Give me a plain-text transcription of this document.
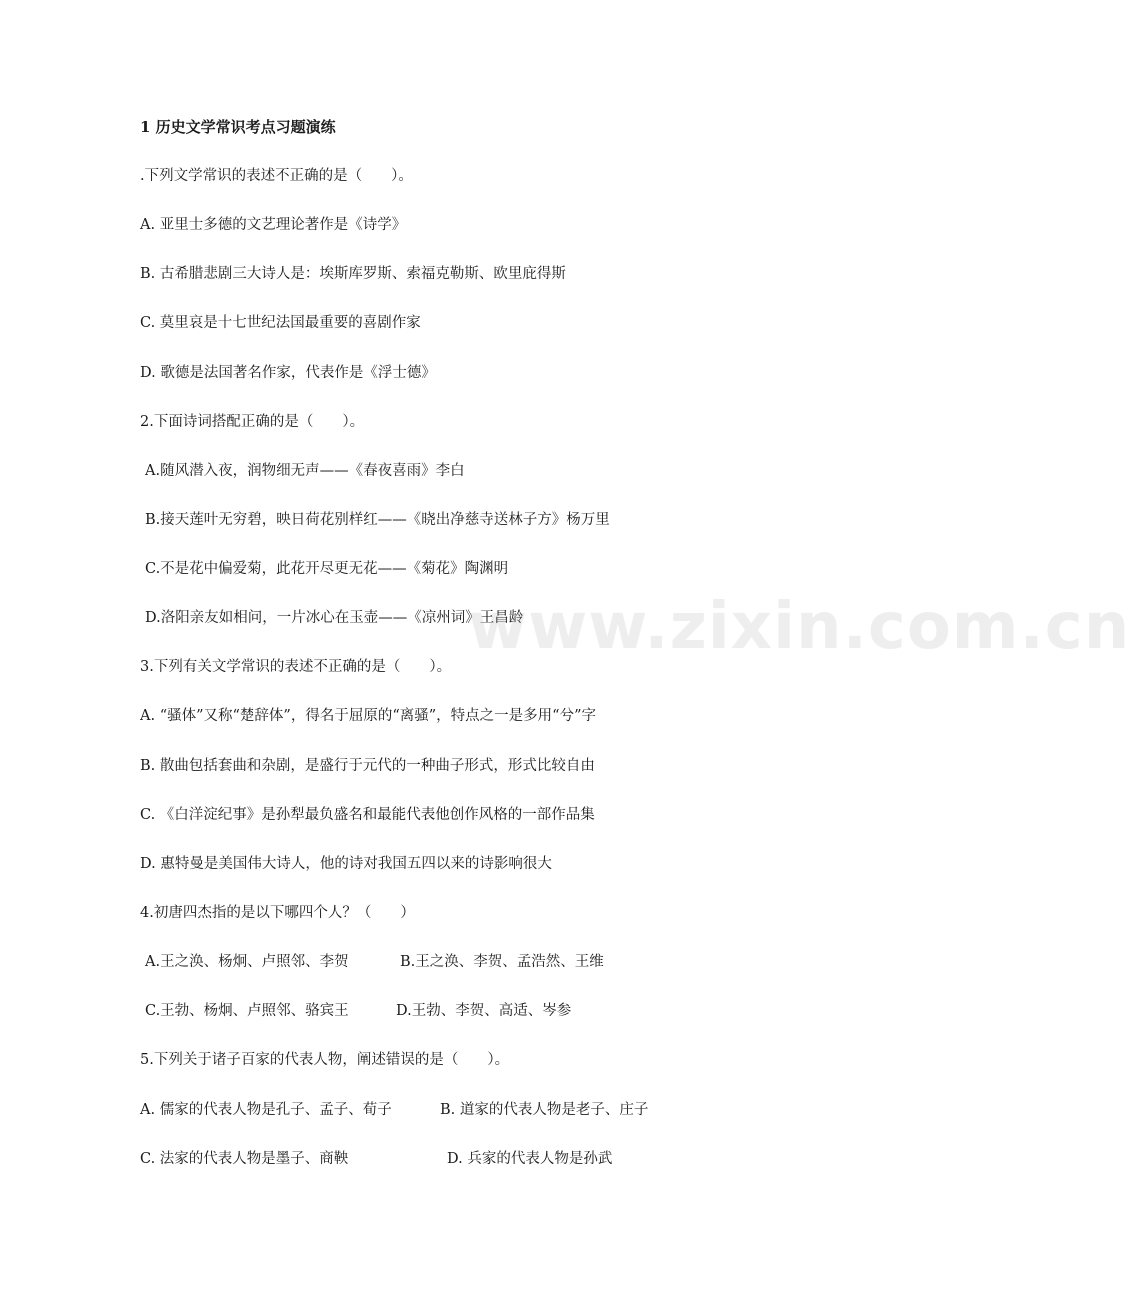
1 历史文学常识考点习题演练
.下列文学常识的表述不正确的是（　　）。
A. 亚里士多德的文艺理论著作是《诗学》
B. 古希腊悲剧三大诗人是：埃斯库罗斯、索福克勒斯、欧里庇得斯
C. 莫里哀是十七世纪法国最重要的喜剧作家
D. 歌德是法国著名作家，代表作是《浮士德》
2.下面诗词搭配正确的是（　　）。
A.随风潜入夜，润物细无声——《春夜喜雨》李白
B.接天莲叶无穷碧，映日荷花别样红——《晓出净慈寺送林子方》杨万里
C.不是花中偏爱菊，此花开尽更无花——《菊花》陶渊明
D.洛阳亲友如相问，一片冰心在玉壶——《凉州词》王昌龄
3.下列有关文学常识的表述不正确的是（　　）。
A. “骚体”又称“楚辞体”，得名于屈原的“离骚”，特点之一是多用“兮”字
B. 散曲包括套曲和杂剧，是盛行于元代的一种曲子形式，形式比较自由
C. 《白洋淀纪事》是孙犁最负盛名和最能代表他创作风格的一部作品集
D. 惠特曼是美国伟大诗人，他的诗对我国五四以来的诗影响很大
4.初唐四杰指的是以下哪四个人？（　　）
A.王之涣、杨炯、卢照邻、李贺	B.王之涣、李贺、孟浩然、王维
C.王勃、杨炯、卢照邻、骆宾王	D.王勃、李贺、高适、岑参
5.下列关于诸子百家的代表人物，阐述错误的是（　　）。
A. 儒家的代表人物是孔子、孟子、荀子	B. 道家的代表人物是老子、庄子
C. 法家的代表人物是墨子、商鞅	D. 兵家的代表人物是孙武
www.zixin.com.cn
